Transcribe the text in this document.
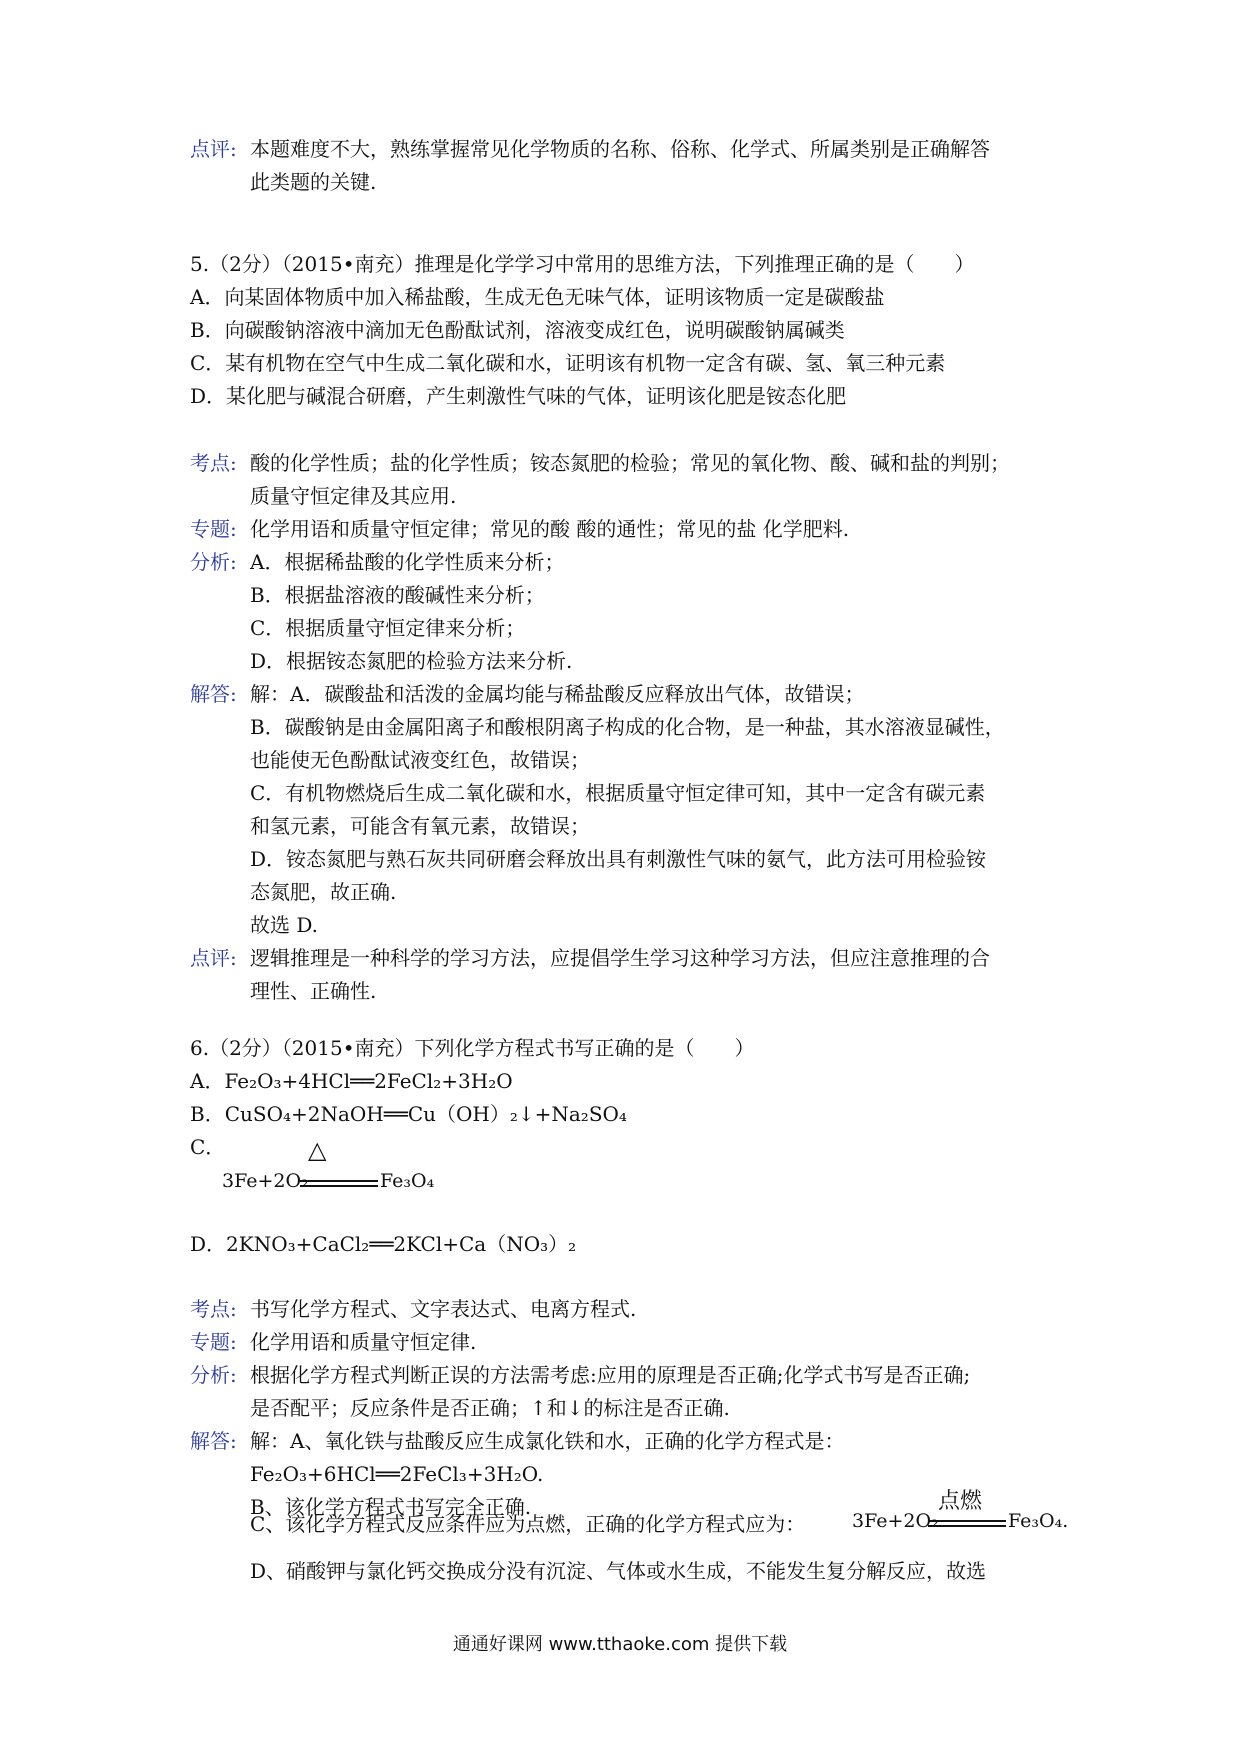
点评: 本题难度不大，熟练掌握常见化学物质的名称、俗称、化学式、所属类别是正确解答
此类题的关键.
5.（2分）（2015•南充）推理是化学学习中常用的思维方法，下列推理正确的是（　　）
A．向某固体物质中加入稀盐酸，生成无色无味气体，证明该物质一定是碳酸盐
B．向碳酸钠溶液中滴加无色酚酞试剂，溶液变成红色，说明碳酸钠属碱类
C．某有机物在空气中生成二氧化碳和水，证明该有机物一定含有碳、氢、氧三种元素
D．某化肥与碱混合研磨，产生刺激性气味的气体，证明该化肥是铵态化肥
考点: 酸的化学性质；盐的化学性质；铵态氮肥的检验；常见的氧化物、酸、碱和盐的判别；
质量守恒定律及其应用.
专题: 化学用语和质量守恒定律；常见的酸 酸的通性；常见的盐 化学肥料.
分析: A．根据稀盐酸的化学性质来分析；
B．根据盐溶液的酸碱性来分析；
C．根据质量守恒定律来分析；
D．根据铵态氮肥的检验方法来分析.
解答: 解：A．碳酸盐和活泼的金属均能与稀盐酸反应释放出气体，故错误；
B．碳酸钠是由金属阳离子和酸根阴离子构成的化合物，是一种盐，其水溶液显碱性，
也能使无色酚酞试液变红色，故错误；
C．有机物燃烧后生成二氧化碳和水，根据质量守恒定律可知，其中一定含有碳元素
和氢元素，可能含有氧元素，故错误；
D．铵态氮肥与熟石灰共同研磨会释放出具有刺激性气味的氨气，此方法可用检验铵
态氮肥，故正确.
故选 D.
点评: 逻辑推理是一种科学的学习方法，应提倡学生学习这种学习方法，但应注意推理的合
理性、正确性.
6.（2分）（2015•南充）下列化学方程式书写正确的是（　　）
A．Fe₂O₃+4HCl══2FeCl₂+3H₂O
B．CuSO₄+2NaOH══Cu（OH）₂↓+Na₂SO₄
C．
3Fe+2O₂
△
Fe₃O₄
D．2KNO₃+CaCl₂══2KCl+Ca（NO₃）₂
考点: 书写化学方程式、文字表达式、电离方程式.
专题: 化学用语和质量守恒定律.
分析: 根据化学方程式判断正误的方法需考虑:应用的原理是否正确;化学式书写是否正确;
是否配平；反应条件是否正确；↑和↓的标注是否正确.
解答: 解：A、氧化铁与盐酸反应生成氯化铁和水，正确的化学方程式是：
Fe₂O₃+6HCl══2FeCl₃+3H₂O.
B、该化学方程式书写完全正确.
C、该化学方程式反应条件应为点燃，正确的化学方程式应为： 3Fe+2O₂
点燃
Fe₃O₄.
D、硝酸钾与氯化钙交换成分没有沉淀、气体或水生成，不能发生复分解反应，故选
通通好课网 www.tthaoke.com 提供下载
